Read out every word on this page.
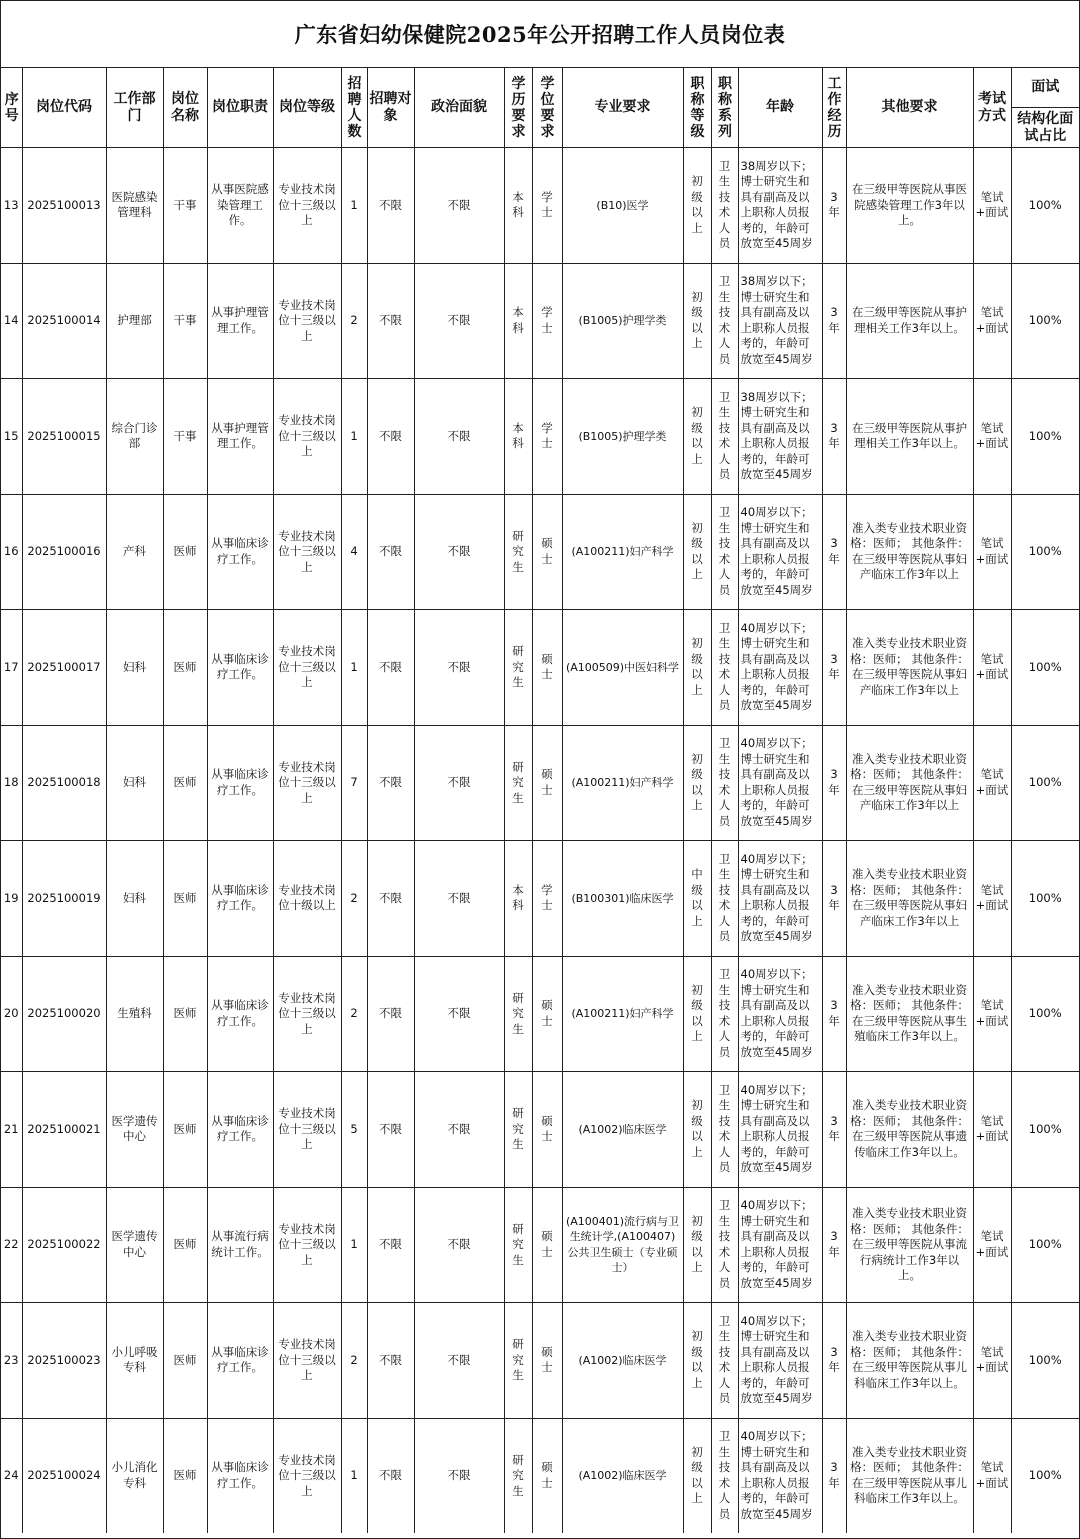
广东省妇幼保健院2025年公开招聘工作人员岗位表
序号	岗位代码	工作部门	岗位名称	岗位职责	岗位等级	招聘人数	招聘对象	政治面貌	学历要求	学位要求	专业要求	职称等级	职称系列	年龄	工作经历	其他要求	考试方式	面试
																		结构化面试占比
13	2025100013	医院感染管理科	干事	从事医院感染管理工作。	专业技术岗位十三级以上	1	不限	不限	本科	学士	(B10)医学	初级以上	卫生技术人员	38周岁以下；博士研究生和具有副高及以上职称人员报考的，年龄可放宽至45周岁	3年	在三级甲等医院从事医院感染管理工作3年以上。	笔试+面试	100%
14	2025100014	护理部	干事	从事护理管理工作。	专业技术岗位十三级以上	2	不限	不限	本科	学士	(B1005)护理学类	初级以上	卫生技术人员	38周岁以下；博士研究生和具有副高及以上职称人员报考的，年龄可放宽至45周岁	3年	在三级甲等医院从事护理相关工作3年以上。	笔试+面试	100%
15	2025100015	综合门诊部	干事	从事护理管理工作。	专业技术岗位十三级以上	1	不限	不限	本科	学士	(B1005)护理学类	初级以上	卫生技术人员	38周岁以下；博士研究生和具有副高及以上职称人员报考的，年龄可放宽至45周岁	3年	在三级甲等医院从事护理相关工作3年以上。	笔试+面试	100%
16	2025100016	产科	医师	从事临床诊疗工作。	专业技术岗位十三级以上	4	不限	不限	研究生	硕士	(A100211)妇产科学	初级以上	卫生技术人员	40周岁以下；博士研究生和具有副高及以上职称人员报考的，年龄可放宽至45周岁	3年	准入类专业技术职业资格：医师； 其他条件：在三级甲等医院从事妇产临床工作3年以上	笔试+面试	100%
17	2025100017	妇科	医师	从事临床诊疗工作。	专业技术岗位十三级以上	1	不限	不限	研究生	硕士	(A100509)中医妇科学	初级以上	卫生技术人员	40周岁以下；博士研究生和具有副高及以上职称人员报考的，年龄可放宽至45周岁	3年	准入类专业技术职业资格：医师； 其他条件：在三级甲等医院从事妇产临床工作3年以上	笔试+面试	100%
18	2025100018	妇科	医师	从事临床诊疗工作。	专业技术岗位十三级以上	7	不限	不限	研究生	硕士	(A100211)妇产科学	初级以上	卫生技术人员	40周岁以下；博士研究生和具有副高及以上职称人员报考的，年龄可放宽至45周岁	3年	准入类专业技术职业资格：医师； 其他条件：在三级甲等医院从事妇产临床工作3年以上	笔试+面试	100%
19	2025100019	妇科	医师	从事临床诊疗工作。	专业技术岗位十级以上	2	不限	不限	本科	学士	(B100301)临床医学	中级以上	卫生技术人员	40周岁以下；博士研究生和具有副高及以上职称人员报考的，年龄可放宽至45周岁	3年	准入类专业技术职业资格：医师； 其他条件：在三级甲等医院从事妇产临床工作3年以上	笔试+面试	100%
20	2025100020	生殖科	医师	从事临床诊疗工作。	专业技术岗位十三级以上	2	不限	不限	研究生	硕士	(A100211)妇产科学	初级以上	卫生技术人员	40周岁以下；博士研究生和具有副高及以上职称人员报考的，年龄可放宽至45周岁	3年	准入类专业技术职业资格：医师； 其他条件：在三级甲等医院从事生殖临床工作3年以上。	笔试+面试	100%
21	2025100021	医学遗传中心	医师	从事临床诊疗工作。	专业技术岗位十三级以上	5	不限	不限	研究生	硕士	(A1002)临床医学	初级以上	卫生技术人员	40周岁以下；博士研究生和具有副高及以上职称人员报考的，年龄可放宽至45周岁	3年	准入类专业技术职业资格：医师； 其他条件：在三级甲等医院从事遗传临床工作3年以上。	笔试+面试	100%
22	2025100022	医学遗传中心	医师	从事流行病统计工作。	专业技术岗位十三级以上	1	不限	不限	研究生	硕士	(A100401)流行病与卫生统计学,(A100407)公共卫生硕士（专业硕士）	初级以上	卫生技术人员	40周岁以下；博士研究生和具有副高及以上职称人员报考的，年龄可放宽至45周岁	3年	准入类专业技术职业资格：医师； 其他条件：在三级甲等医院从事流行病统计工作3年以上。	笔试+面试	100%
23	2025100023	小儿呼吸专科	医师	从事临床诊疗工作。	专业技术岗位十三级以上	2	不限	不限	研究生	硕士	(A1002)临床医学	初级以上	卫生技术人员	40周岁以下；博士研究生和具有副高及以上职称人员报考的，年龄可放宽至45周岁	3年	准入类专业技术职业资格：医师； 其他条件：在三级甲等医院从事儿科临床工作3年以上。	笔试+面试	100%
24	2025100024	小儿消化专科	医师	从事临床诊疗工作。	专业技术岗位十三级以上	1	不限	不限	研究生	硕士	(A1002)临床医学	初级以上	卫生技术人员	40周岁以下；博士研究生和具有副高及以上职称人员报考的，年龄可放宽至45周岁	3年	准入类专业技术职业资格：医师； 其他条件：在三级甲等医院从事儿科临床工作3年以上。	笔试+面试	100%
